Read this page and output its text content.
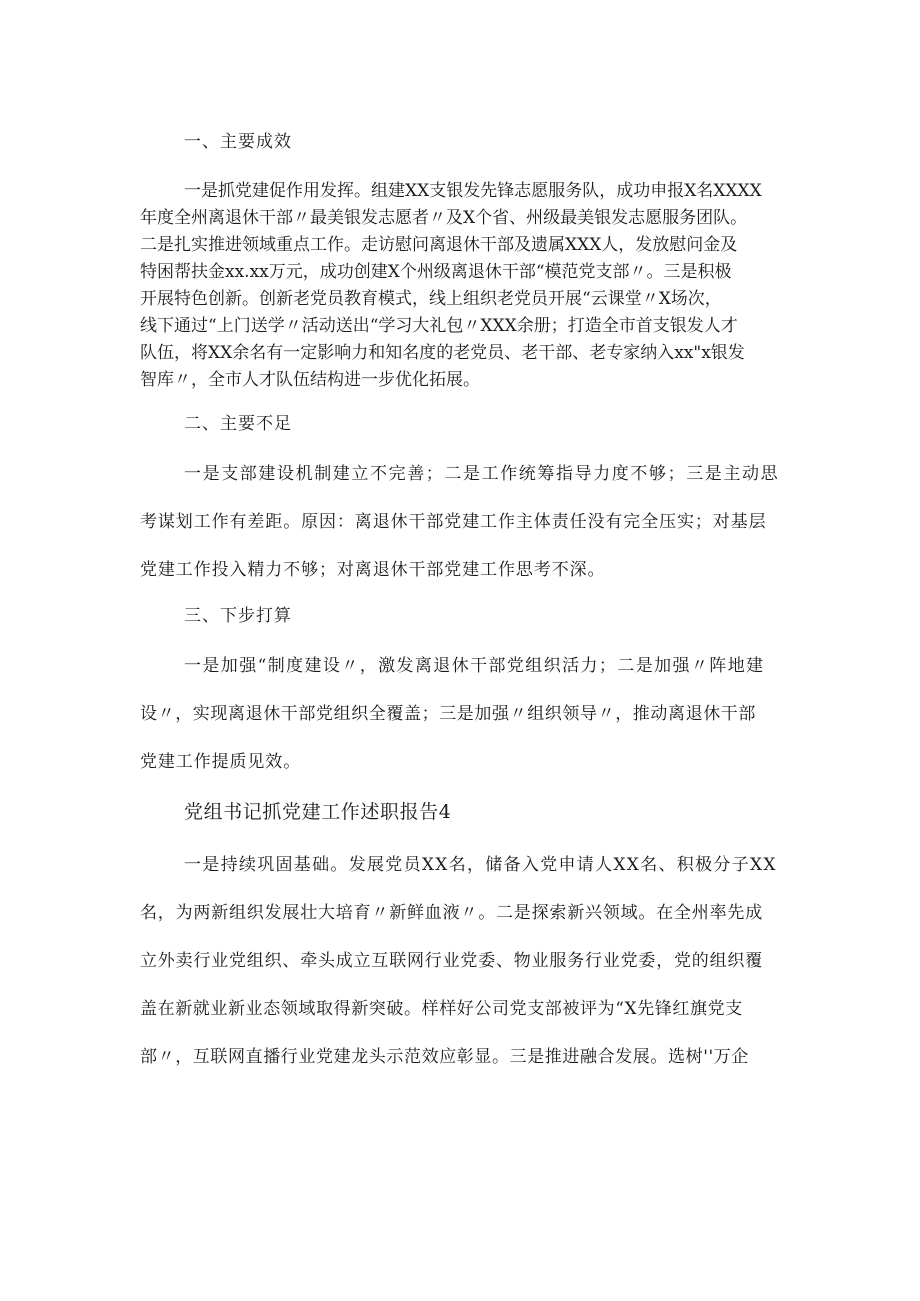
一、主要成效
一是抓党建促作用发挥。组建XX支银发先锋志愿服务队，成功申报X名XXXX
年度全州离退休干部〃最美银发志愿者〃及X个省、州级最美银发志愿服务团队。
二是扎实推进领域重点工作。走访慰问离退休干部及遗属XXX人，发放慰问金及
特困帮扶金xx.xx万元，成功创建X个州级离退休干部“模范党支部〃。三是积极
开展特色创新。创新老党员教育模式，线上组织老党员开展“云课堂〃X场次，
线下通过“上门送学〃活动送出“学习大礼包〃XXX余册；打造全市首支银发人才
队伍，将XX余名有一定影响力和知名度的老党员、老干部、老专家纳入xx"x银发
智库〃，全市人才队伍结构进一步优化拓展。
二、主要不足
一是支部建设机制建立不完善；二是工作统筹指导力度不够；三是主动思
考谋划工作有差距。原因：离退休干部党建工作主体责任没有完全压实；对基层
党建工作投入精力不够；对离退休干部党建工作思考不深。
三、下步打算
一是加强“制度建设〃，激发离退休干部党组织活力；二是加强〃阵地建
设〃，实现离退休干部党组织全覆盖；三是加强〃组织领导〃，推动离退休干部
党建工作提质见效。
党组书记抓党建工作述职报告4
一是持续巩固基础。发展党员XX名，储备入党申请人XX名、积极分子XX
名，为两新组织发展壮大培育〃新鲜血液〃。二是探索新兴领域。在全州率先成
立外卖行业党组织、牵头成立互联网行业党委、物业服务行业党委，党的组织覆
盖在新就业新业态领域取得新突破。样样好公司党支部被评为“X先锋红旗党支
部〃，互联网直播行业党建龙头示范效应彰显。三是推进融合发展。选树''万企
